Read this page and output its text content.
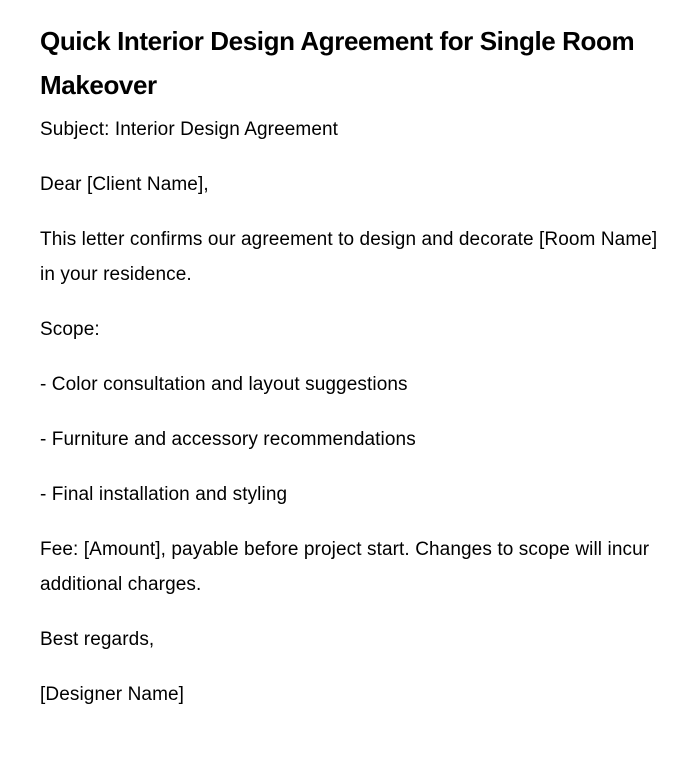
Quick Interior Design Agreement for Single Room Makeover

Subject: Interior Design Agreement

Dear [Client Name],

This letter confirms our agreement to design and decorate [Room Name] in your residence.

Scope:

- Color consultation and layout suggestions

- Furniture and accessory recommendations

- Final installation and styling

Fee: [Amount], payable before project start. Changes to scope will incur additional charges.

Best regards,

[Designer Name]
